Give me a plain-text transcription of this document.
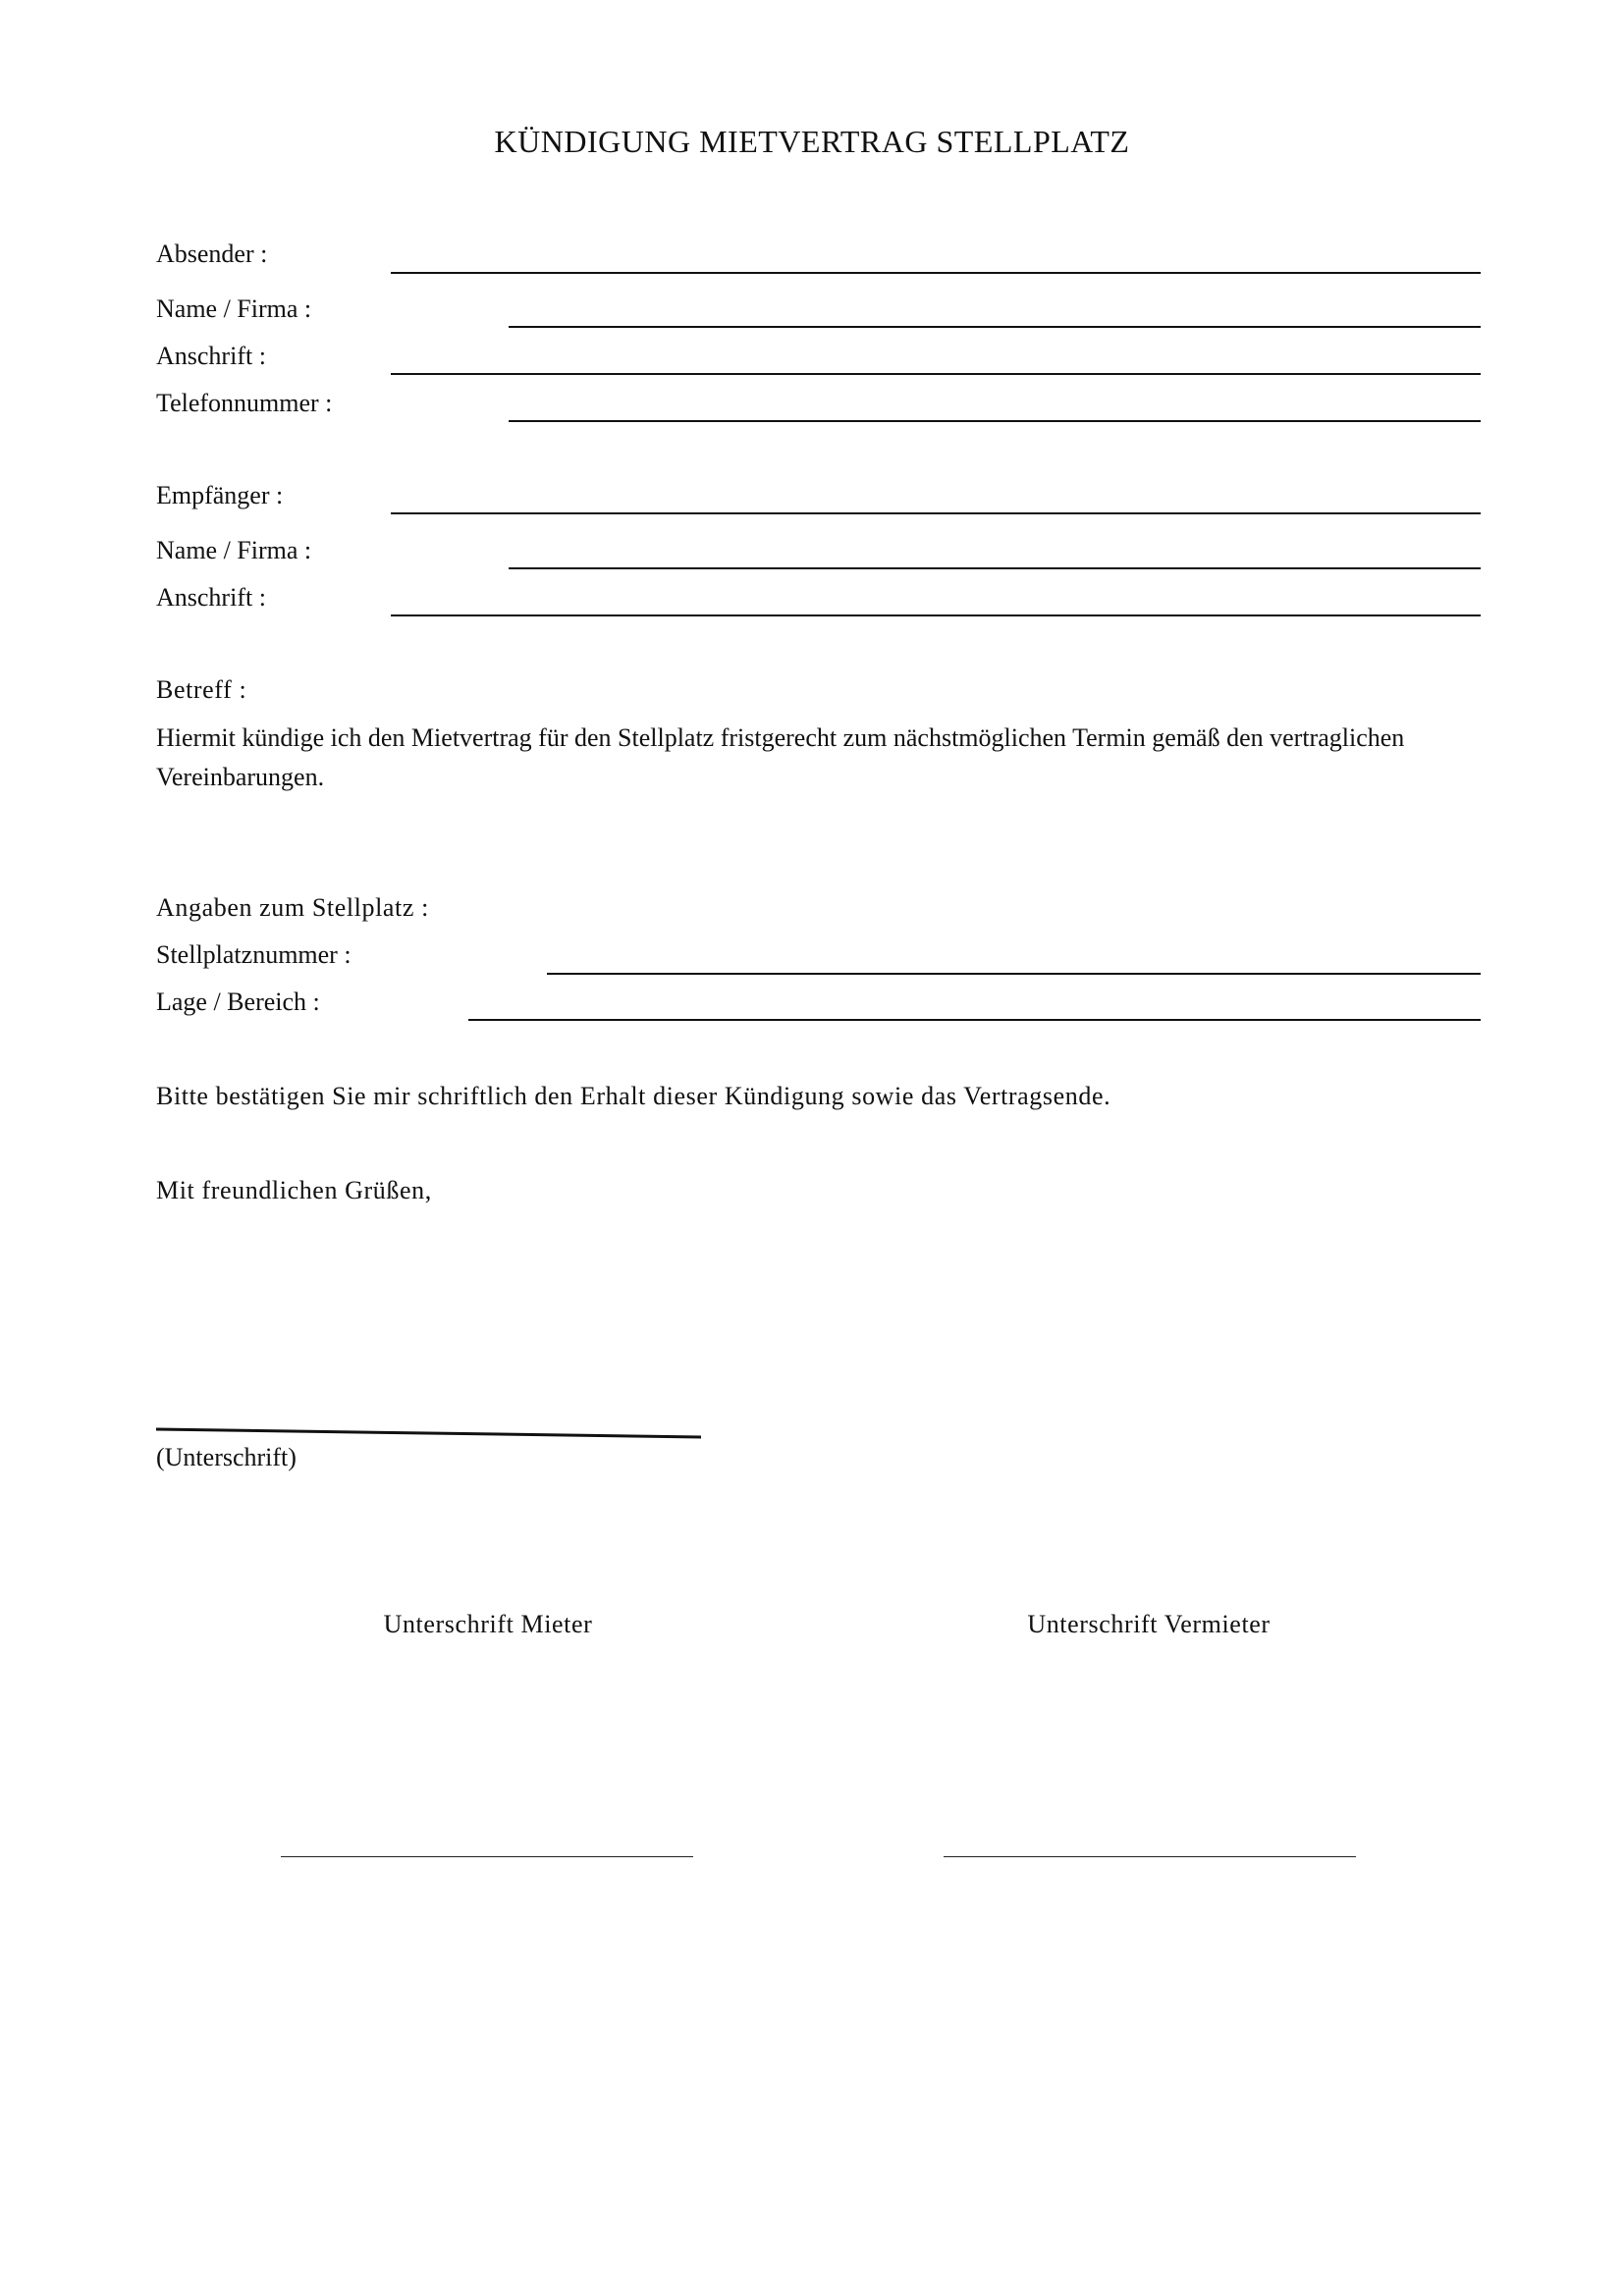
KÜNDIGUNG MIETVERTRAG STELLPLATZ
Absender :
Name / Firma :
Anschrift :
Telefonnummer :
Empfänger :
Name / Firma :
Anschrift :
Betreff :
Hiermit kündige ich den Mietvertrag für den Stellplatz fristgerecht zum nächstmöglichen Termin gemäß den vertraglichen Vereinbarungen.
Angaben zum Stellplatz :
Stellplatznummer :
Lage / Bereich :
Bitte bestätigen Sie mir schriftlich den Erhalt dieser Kündigung sowie das Vertragsende.
Mit freundlichen Grüßen,
(Unterschrift)
Unterschrift Mieter	Unterschrift Vermieter
